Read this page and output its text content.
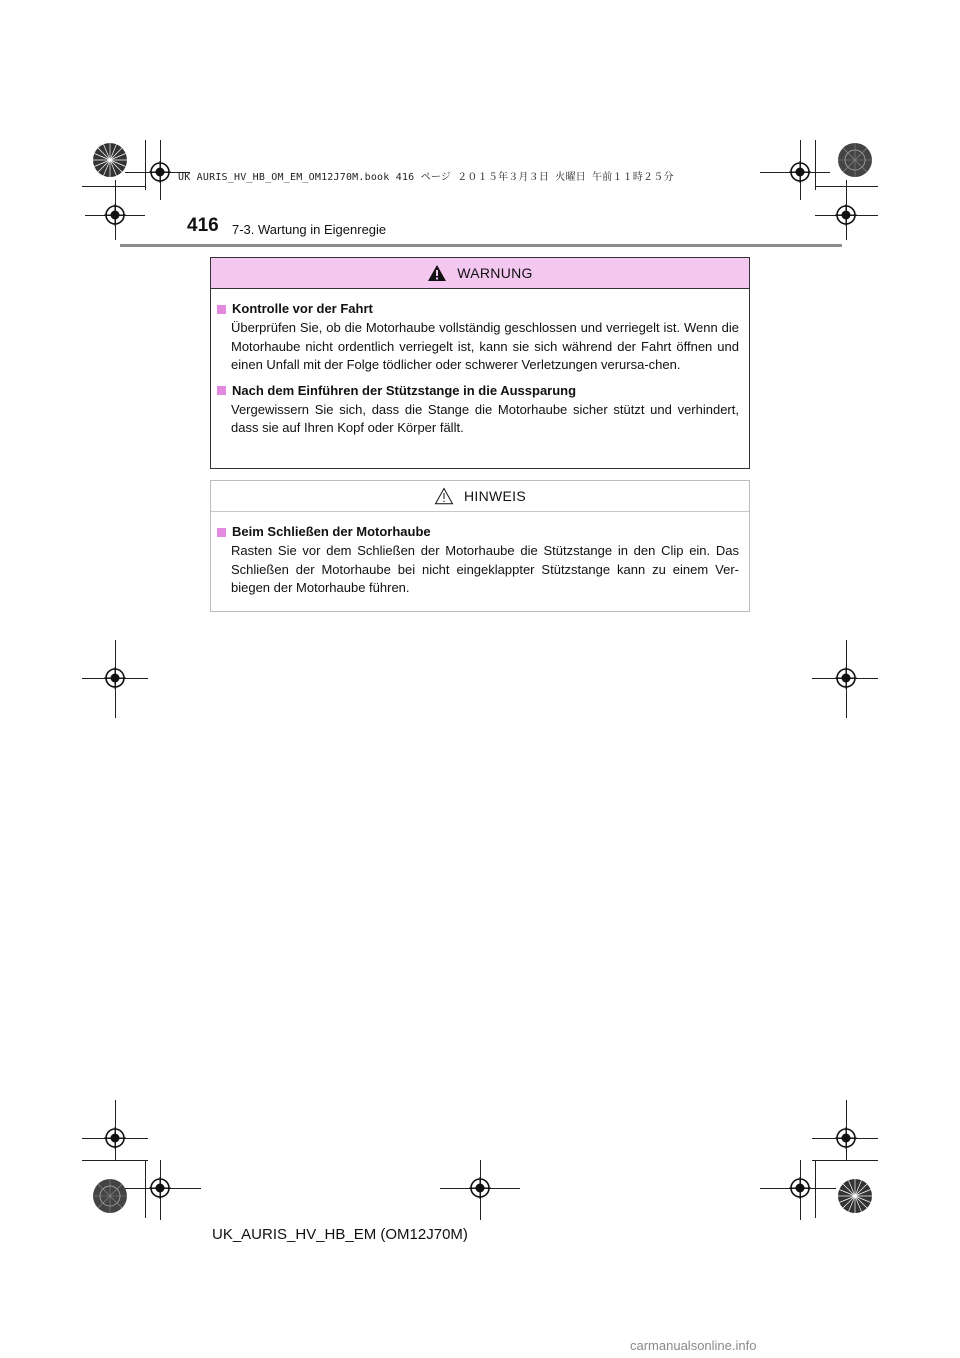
UK AURIS_HV_HB_OM_EM_OM12J70M.book 416 ページ ２０１５年３月３日 火曜日 午前１１時２５分
416 7-3. Wartung in Eigenregie
WARNUNG
Kontrolle vor der Fahrt
Überprüfen Sie, ob die Motorhaube vollständig geschlossen und verriegelt ist. Wenn die Motorhaube nicht ordentlich verriegelt ist, kann sie sich während der Fahrt öffnen und einen Unfall mit der Folge tödlicher oder schwerer Verletzungen verursa-chen.
Nach dem Einführen der Stützstange in die Aussparung
Vergewissern Sie sich, dass die Stange die Motorhaube sicher stützt und verhindert, dass sie auf Ihren Kopf oder Körper fällt.
HINWEIS
Beim Schließen der Motorhaube
Rasten Sie vor dem Schließen der Motorhaube die Stützstange in den Clip ein. Das Schließen der Motorhaube bei nicht eingeklappter Stützstange kann zu einem Ver-biegen der Motorhaube führen.
UK_AURIS_HV_HB_EM (OM12J70M)
carmanualsonline.info
